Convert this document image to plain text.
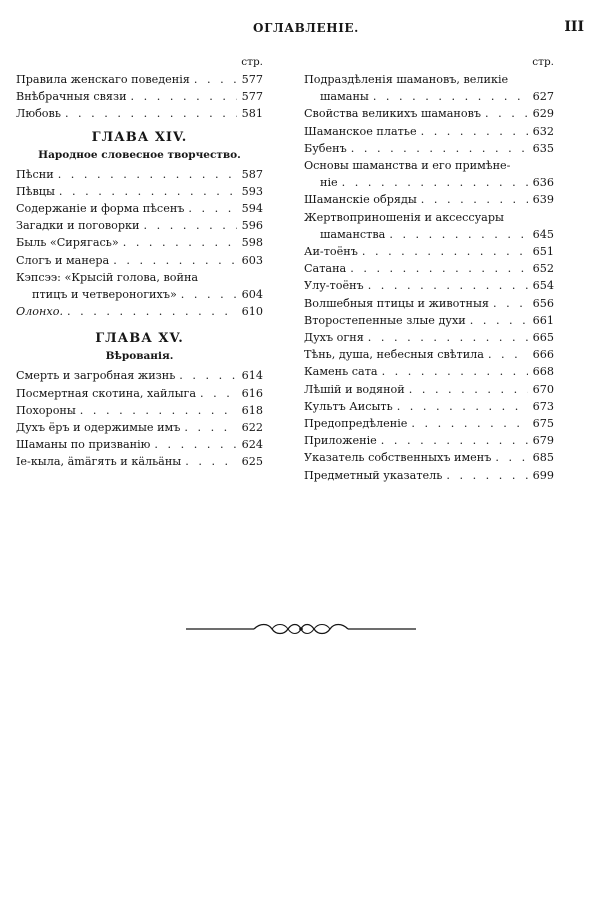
ОГЛАВЛЕНІЕ.	III
стр.
Правила женскаго поведенія . . .	577
Внѣбрачныя связи . . .	577
Любовь . . .	581
ГЛАВА XIV.
Народное словесное творчество.
Пѣсни . . .	587
Пѣвцы . . .	593
Содержаніе и форма пѣсенъ . . .	594
Загадки и поговорки . . .	596
Быль «Сирягась» . . .	598
Слогъ и манера . . .	603
Кэпсээ: «Крысій голова, война
птицъ и четвероногихъ» . . .	604
Олонхо. . . .	610
ГЛАВА XV.
Вѣрованія.
Смерть и загробная жизнь . . .	614
Посмертная скотина, хайлыга . . .	616
Похороны . . .	618
Духъ ёръ и одержимые имъ . . .	622
Шаманы по призванію . . .	624
Iе-кыла, ämäгять и кäльäны . . .	625
стр.
Подраздѣленія шамановъ, великіе
шаманы . . .	627
Свойства великихъ шамановъ . . .	629
Шаманское платье . . .	632
Бубенъ . . .	635
Основы шаманства и его примѣне-
ніе . . .	636
Шаманскіе обряды . . .	639
Жертвоприношенія и аксессуары
шаманства . . .	645
Аи-тоёнъ . . .	651
Сатана . . .	652
Улу-тоёнъ . . .	654
Волшебныя птицы и животныя . . .	656
Второстепенные злые духи . . .	661
Духъ огня . . .	665
Тѣнь, душа, небесныя свѣтила . . .	666
Камень сата . . .	668
Лѣшій и водяной . . .	670
Культъ Аисыть . . .	673
Предопредѣленіе . . .	675
Приложеніе . . .	679
Указатель собственныхъ именъ . . .	685
Предметный указатель . . .	699
